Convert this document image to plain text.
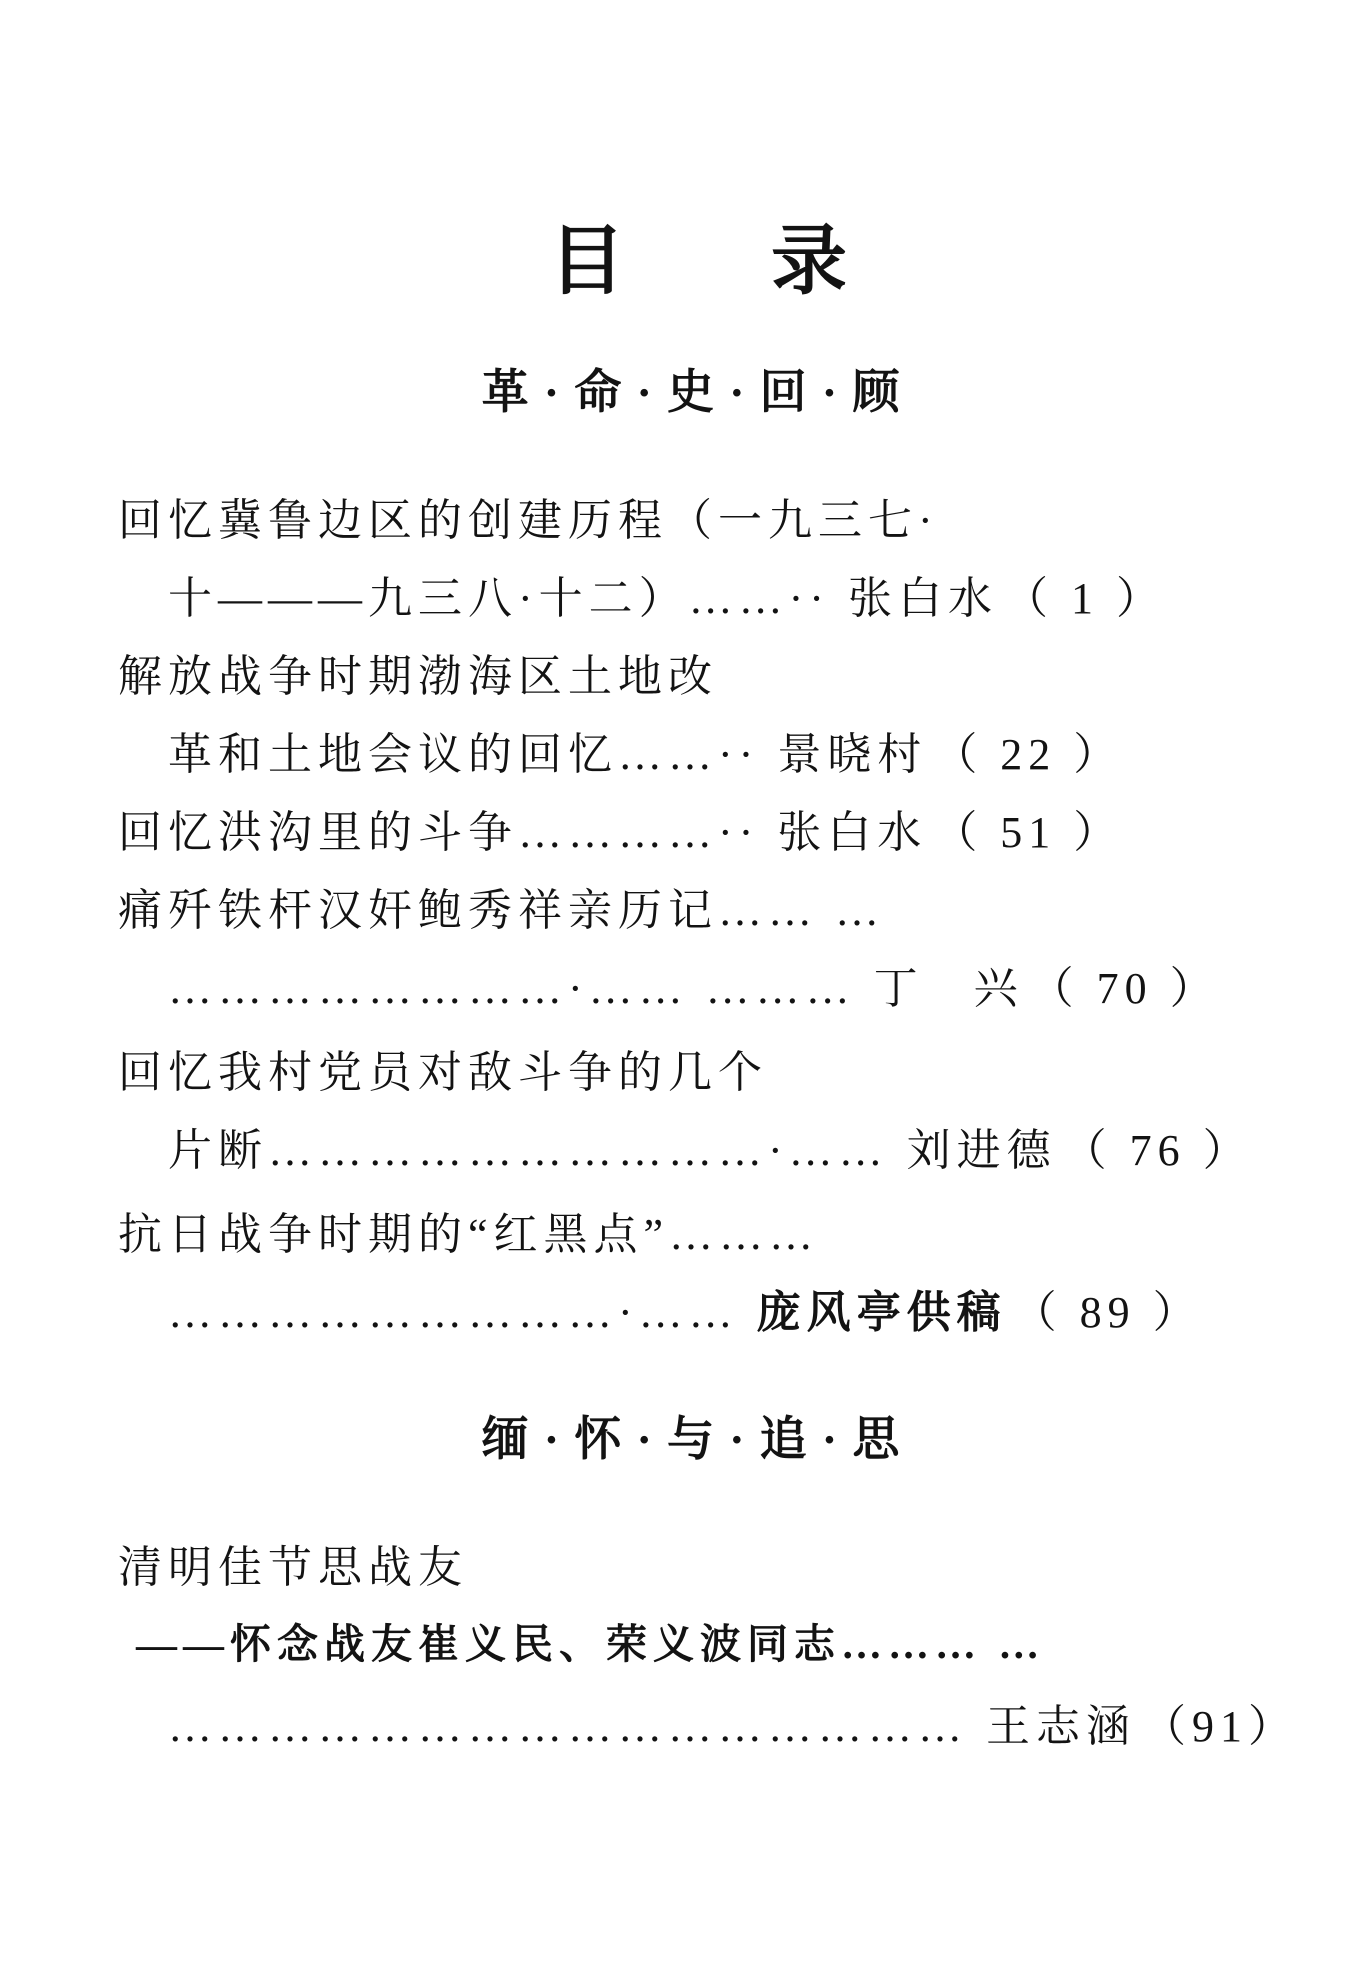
目 录
革·命·史·回·顾
回忆冀鲁边区的创建历程（一九三七·
十———九三八·十二）……·· 张白水 （ 1 ）
解放战争时期渤海区土地改
革和土地会议的回忆……·· 景晓村 （ 22 ）
回忆洪沟里的斗争…………·· 张白水 （ 51 ）
痛歼铁杆汉奸鲍秀祥亲历记…… …
……………………·…… ……… 丁　兴 （ 70 ）
回忆我村党员对敌斗争的几个
片断…………………………·…… 刘进德 （ 76 ）
抗日战争时期的“红黑点”………
………………………·…… 庞风亭供稿 （ 89 ）
缅·怀·与·追·思
清明佳节思战友
——怀念战友崔义民、荣义波同志……… …
………………………………………… 王志涵 （91）
